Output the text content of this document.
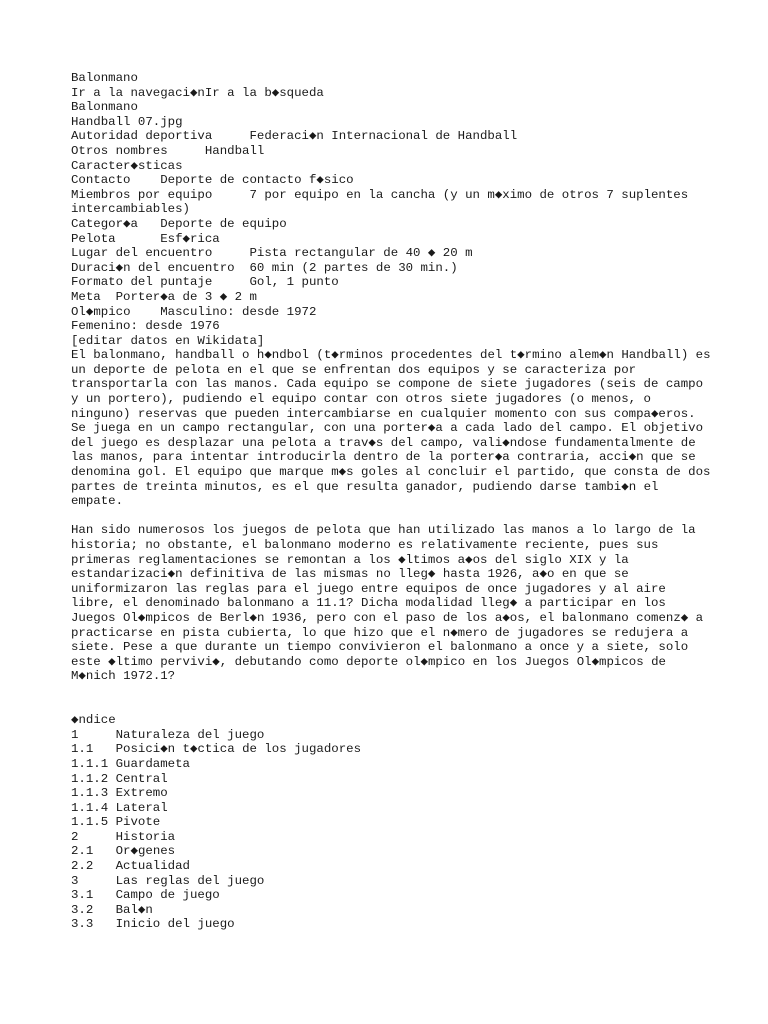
Balonmano
Ir a la navegaci◆nIr a la b◆squeda
Balonmano
Handball 07.jpg
Autoridad deportiva     Federaci◆n Internacional de Handball
Otros nombres     Handball
Caracter◆sticas
Contacto    Deporte de contacto f◆sico
Miembros por equipo     7 por equipo en la cancha (y un m◆ximo de otros 7 suplentes
intercambiables)
Categor◆a   Deporte de equipo
Pelota      Esf◆rica
Lugar del encuentro     Pista rectangular de 40 ◆ 20 m
Duraci◆n del encuentro  60 min (2 partes de 30 min.)
Formato del puntaje     Gol, 1 punto
Meta  Porter◆a de 3 ◆ 2 m
Ol◆mpico    Masculino: desde 1972
Femenino: desde 1976
[editar datos en Wikidata]
El balonmano, handball o h◆ndbol (t◆rminos procedentes del t◆rmino alem◆n Handball) es un deporte de pelota en el que se enfrentan dos equipos y se caracteriza por transportarla con las manos. Cada equipo se compone de siete jugadores (seis de campo y un portero), pudiendo el equipo contar con otros siete jugadores (o menos, o ninguno) reservas que pueden intercambiarse en cualquier momento con sus compa◆eros. Se juega en un campo rectangular, con una porter◆a a cada lado del campo. El objetivo del juego es desplazar una pelota a trav◆s del campo, vali◆ndose fundamentalmente de las manos, para intentar introducirla dentro de la porter◆a contraria, acci◆n que se denomina gol. El equipo que marque m◆s goles al concluir el partido, que consta de dos partes de treinta minutos, es el que resulta ganador, pudiendo darse tambi◆n el empate.
Han sido numerosos los juegos de pelota que han utilizado las manos a lo largo de la historia; no obstante, el balonmano moderno es relativamente reciente, pues sus primeras reglamentaciones se remontan a los ◆ltimos a◆os del siglo XIX y la estandarizaci◆n definitiva de las mismas no lleg◆ hasta 1926, a◆o en que se uniformizaron las reglas para el juego entre equipos de once jugadores y al aire libre, el denominado balonmano a 11.1? Dicha modalidad lleg◆ a participar en los Juegos Ol◆mpicos de Berl◆n 1936, pero con el paso de los a◆os, el balonmano comenz◆ a practicarse en pista cubierta, lo que hizo que el n◆mero de jugadores se redujera a siete. Pese a que durante un tiempo convivieron el balonmano a once y a siete, solo este ◆ltimo pervivi◆, debutando como deporte ol◆mpico en los Juegos Ol◆mpicos de M◆nich 1972.1?
◆ndice
1     Naturaleza del juego
1.1   Posici◆n t◆ctica de los jugadores
1.1.1 Guardameta
1.1.2 Central
1.1.3 Extremo
1.1.4 Lateral
1.1.5 Pivote
2     Historia
2.1   Or◆genes
2.2   Actualidad
3     Las reglas del juego
3.1   Campo de juego
3.2   Bal◆n
3.3   Inicio del juego
